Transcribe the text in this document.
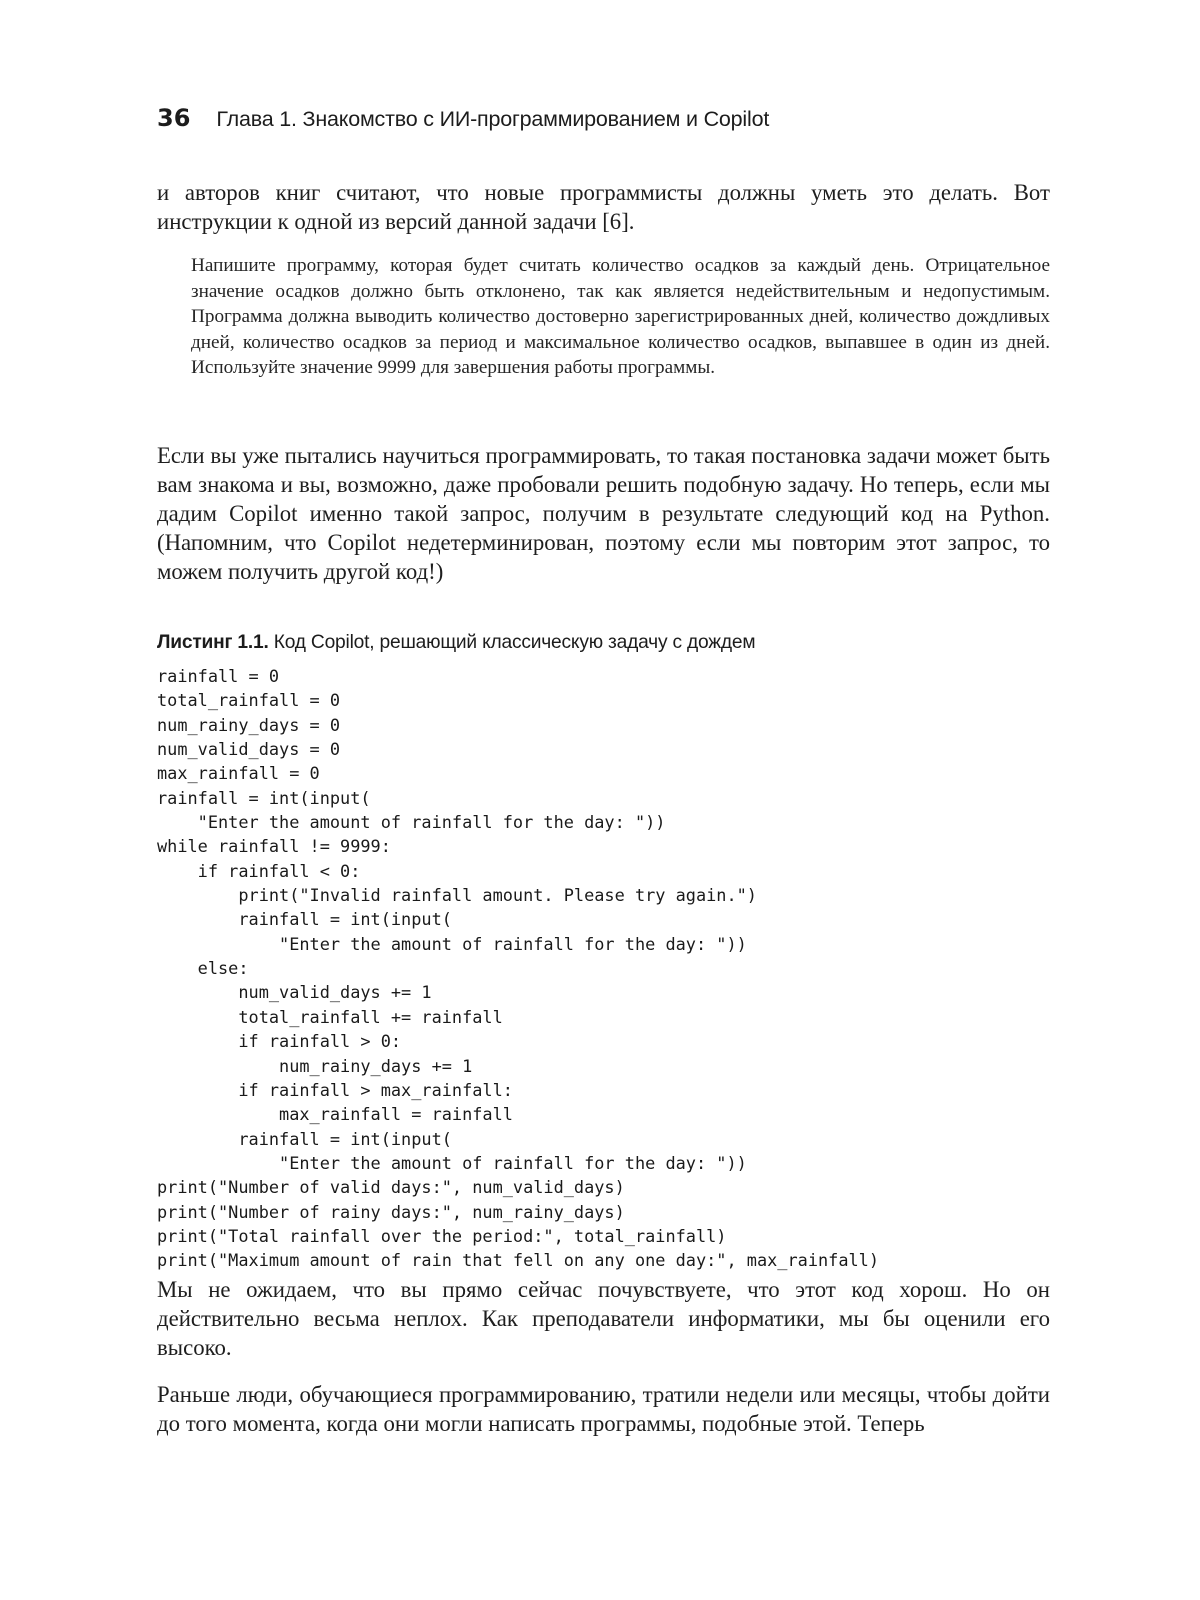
36 Глава 1. Знакомство с ИИ-программированием и Copilot

и авторов книг считают, что новые программисты должны уметь это делать. Вот инструкции к одной из версий данной задачи [6].

Напишите программу, которая будет считать количество осадков за каждый день. Отрицательное значение осадков должно быть отклонено, так как является недействительным и недопустимым. Программа должна выводить количество достоверно зарегистрированных дней, количество дождливых дней, количество осадков за период и максимальное количество осадков, выпавшее в один из дней. Используйте значение 9999 для завершения работы программы.

Если вы уже пытались научиться программировать, то такая постановка задачи может быть вам знакома и вы, возможно, даже пробовали решить подобную задачу. Но теперь, если мы дадим Copilot именно такой запрос, получим в результате следующий код на Python. (Напомним, что Copilot недетерминирован, поэтому если мы повторим этот запрос, то можем получить другой код!)

Листинг 1.1. Код Copilot, решающий классическую задачу с дождем

rainfall = 0
total_rainfall = 0
num_rainy_days = 0
num_valid_days = 0
max_rainfall = 0
rainfall = int(input(
"Enter the amount of rainfall for the day: "))
while rainfall != 9999:
if rainfall < 0:
print("Invalid rainfall amount. Please try again.")
rainfall = int(input(
"Enter the amount of rainfall for the day: "))
else:
num_valid_days += 1
total_rainfall += rainfall
if rainfall > 0:
num_rainy_days += 1
if rainfall > max_rainfall:
max_rainfall = rainfall
rainfall = int(input(
"Enter the amount of rainfall for the day: "))
print("Number of valid days:", num_valid_days)
print("Number of rainy days:", num_rainy_days)
print("Total rainfall over the period:", total_rainfall)
print("Maximum amount of rain that fell on any one day:", max_rainfall)

Мы не ожидаем, что вы прямо сейчас почувствуете, что этот код хорош. Но он действительно весьма неплох. Как преподаватели информатики, мы бы оценили его высоко.

Раньше люди, обучающиеся программированию, тратили недели или месяцы, чтобы дойти до того момента, когда они могли написать программы, подобные этой. Теперь
